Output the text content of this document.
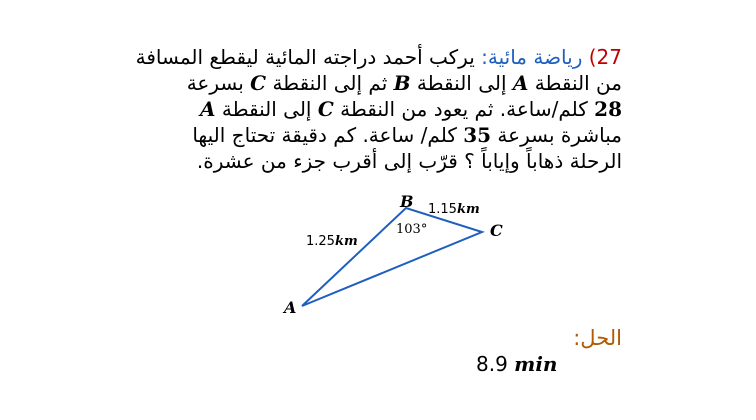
27) رياضة مائية: يركب أحمد دراجته المائية ليقطع المسافة
من النقطة A إلى النقطة B ثم إلى النقطة C بسرعة
28 كلم/ساعة. ثم يعود من النقطة C إلى النقطة A
مباشرة بسرعة 35 كلم/ ساعة. كم دقيقة تحتاج اليها
الرحلة ذهاباً وإياباً ؟ قرّب إلى أقرب جزء من عشرة.
A
B
C
1.25km
1.15km
103°
الحل:
8.9 min
